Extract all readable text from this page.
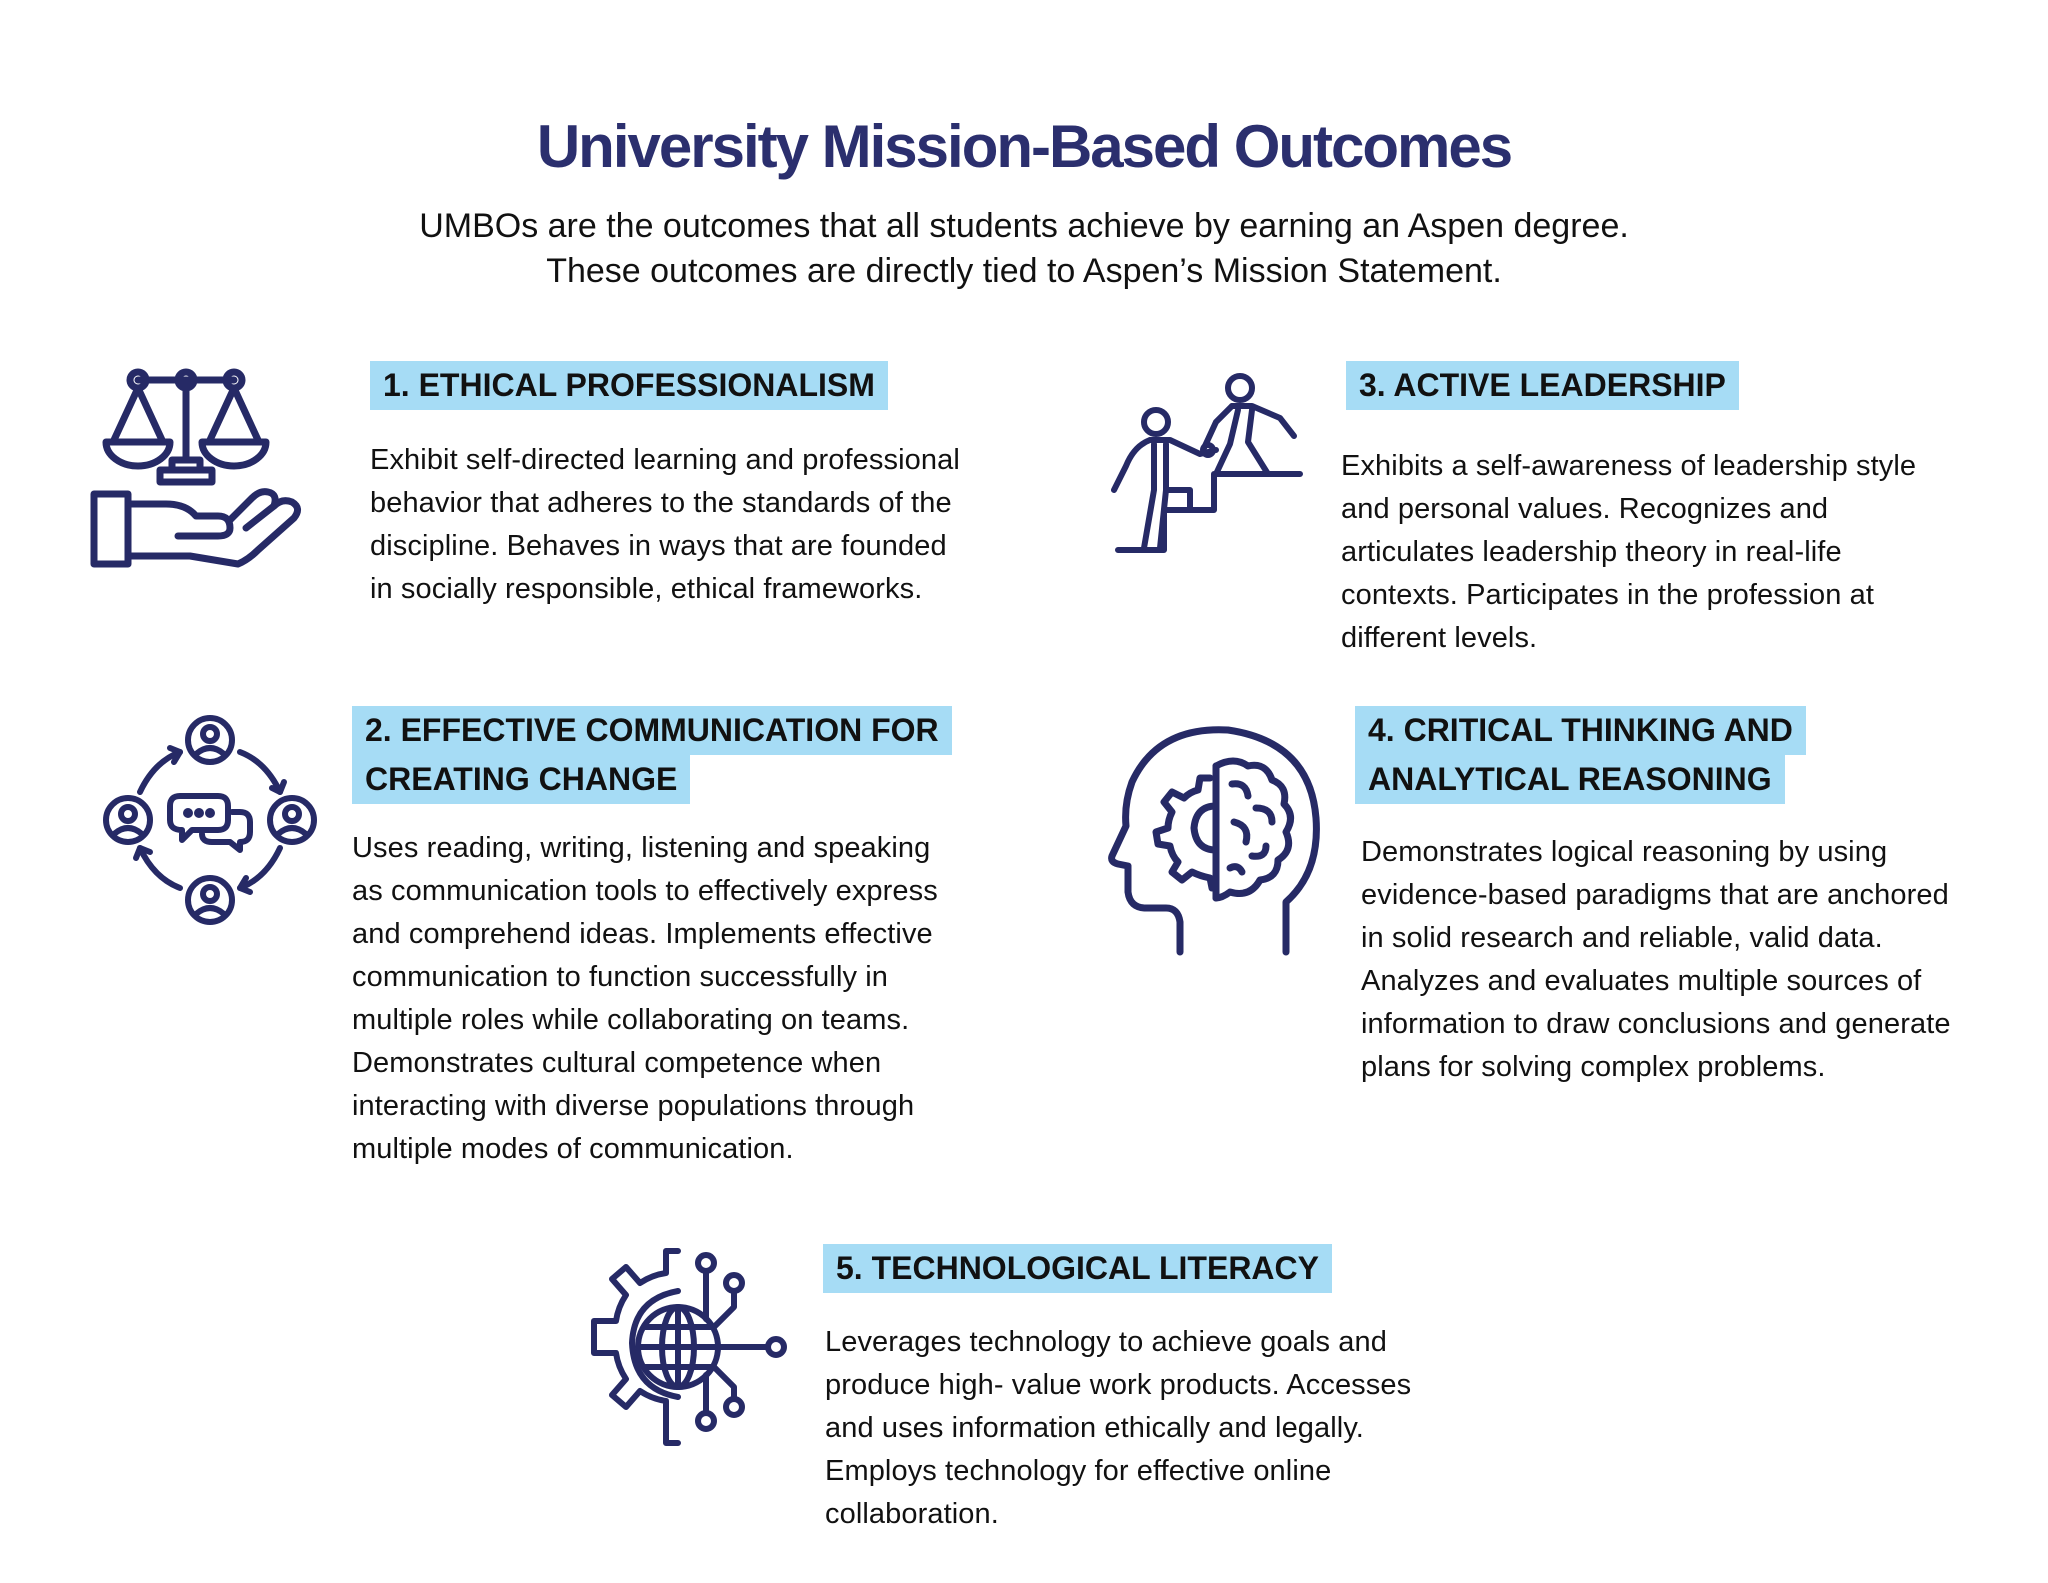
University Mission-Based Outcomes
UMBOs are the outcomes that all students achieve by earning an Aspen degree.
These outcomes are directly tied to Aspen’s Mission Statement.
1. ETHICAL PROFESSIONALISM
Exhibit self-directed learning and professional
behavior that adheres to the standards of the
discipline. Behaves in ways that are founded
in socially responsible, ethical frameworks.
2. EFFECTIVE COMMUNICATION FOR
CREATING CHANGE
Uses reading, writing, listening and speaking
as communication tools to effectively express
and comprehend ideas. Implements effective
communication to function successfully in
multiple roles while collaborating on teams.
Demonstrates cultural competence when
interacting with diverse populations through
multiple modes of communication.
3. ACTIVE LEADERSHIP
Exhibits a self-awareness of leadership style
and personal values. Recognizes and
articulates leadership theory in real-life
contexts. Participates in the profession at
different levels.
4. CRITICAL THINKING AND
ANALYTICAL REASONING
Demonstrates logical reasoning by using
evidence-based paradigms that are anchored
in solid research and reliable, valid data.
Analyzes and evaluates multiple sources of
information to draw conclusions and generate
plans for solving complex problems.
5. TECHNOLOGICAL LITERACY
Leverages technology to achieve goals and
produce high- value work products. Accesses
and uses information ethically and legally.
Employs technology for effective online
collaboration.
